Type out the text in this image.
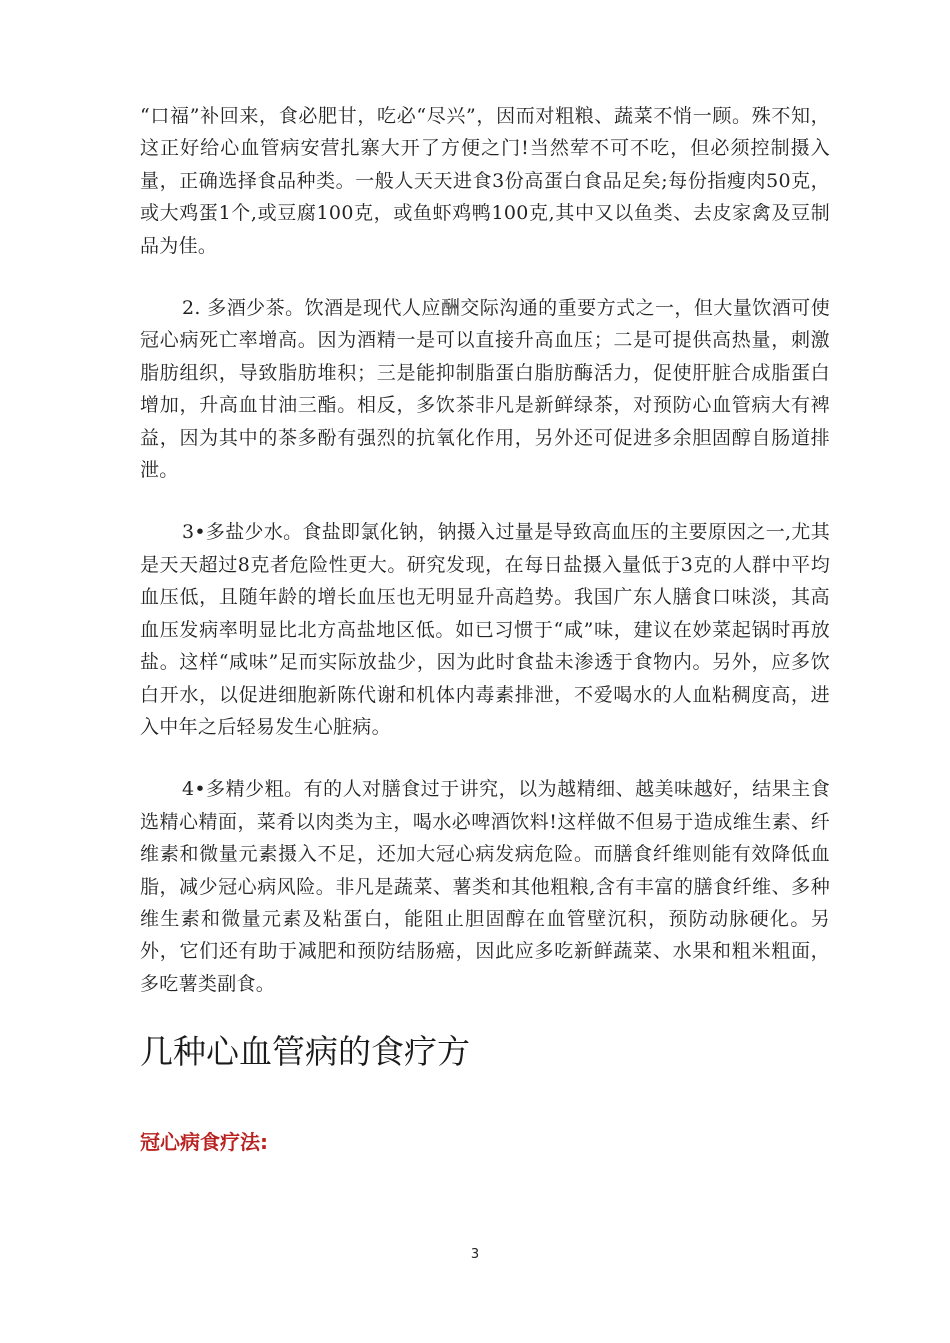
“口福”补回来，食必肥甘，吃必“尽兴”，因而对粗粮、蔬菜不悄一顾。殊不知，这正好给心血管病安营扎寨大开了方便之门!当然荤不可不吃，但必须控制摄入量，正确选择食品种类。一般人天天进食3份高蛋白食品足矣;每份指瘦肉50克，或大鸡蛋1个,或豆腐100克，或鱼虾鸡鸭100克,其中又以鱼类、去皮家禽及豆制品为佳。

2. 多酒少茶。饮酒是现代人应酬交际沟通的重要方式之一，但大量饮酒可使冠心病死亡率增高。因为酒精一是可以直接升高血压；二是可提供高热量，刺激脂肪组织，导致脂肪堆积；三是能抑制脂蛋白脂肪酶活力，促使肝脏合成脂蛋白增加，升高血甘油三酯。相反，多饮茶非凡是新鲜绿茶，对预防心血管病大有裨益，因为其中的茶多酚有强烈的抗氧化作用，另外还可促进多余胆固醇自肠道排泄。

3•多盐少水。食盐即氯化钠，钠摄入过量是导致高血压的主要原因之一,尤其是天天超过8克者危险性更大。研究发现，在每日盐摄入量低于3克的人群中平均血压低，且随年龄的增长血压也无明显升高趋势。我国广东人膳食口味淡，其高血压发病率明显比北方高盐地区低。如已习惯于“咸”味，建议在妙菜起锅时再放盐。这样“咸味”足而实际放盐少，因为此时食盐未渗透于食物内。另外，应多饮白开水，以促进细胞新陈代谢和机体内毒素排泄，不爱喝水的人血粘稠度高，进入中年之后轻易发生心脏病。

4•多精少粗。有的人对膳食过于讲究，以为越精细、越美味越好，结果主食选精心精面，菜肴以肉类为主，喝水必啤酒饮料!这样做不但易于造成维生素、纤维素和微量元素摄入不足，还加大冠心病发病危险。而膳食纤维则能有效降低血脂，减少冠心病风险。非凡是蔬菜、薯类和其他粗粮,含有丰富的膳食纤维、多种维生素和微量元素及粘蛋白，能阻止胆固醇在血管壁沉积，预防动脉硬化。另外，它们还有助于减肥和预防结肠癌，因此应多吃新鲜蔬菜、水果和粗米粗面，多吃薯类副食。

几种心血管病的食疗方
冠心病食疗法:
3
